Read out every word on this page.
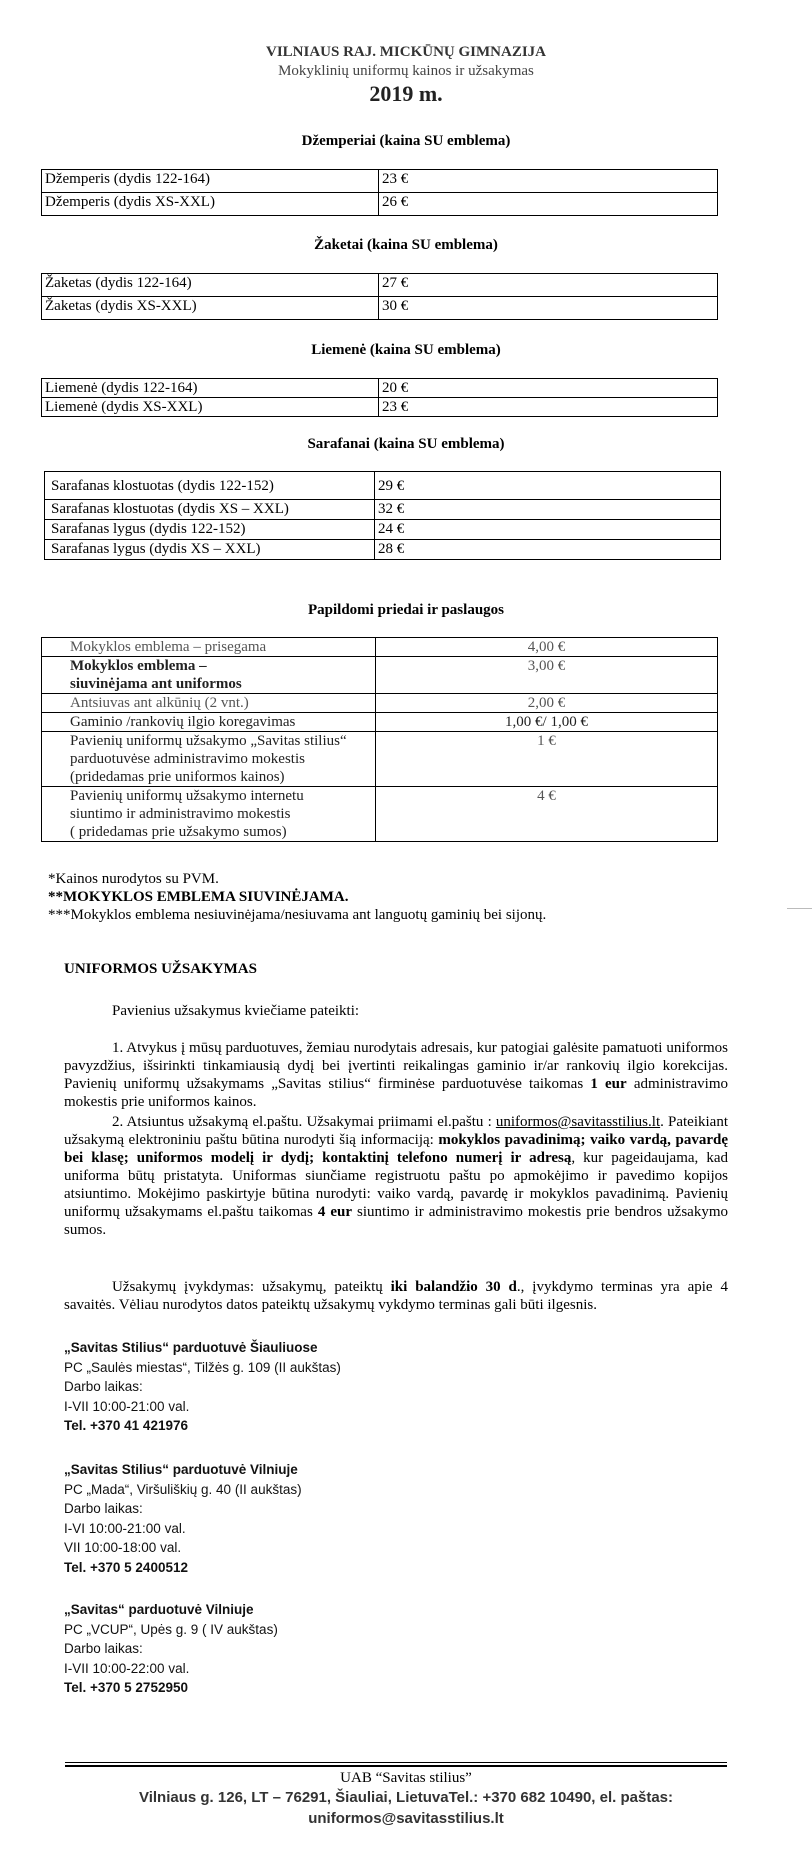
VILNIAUS RAJ. MICKŪNŲ GIMNAZIJA
Mokyklinių uniformų kainos ir užsakymas
2019 m.
Džemperiai (kaina SU emblema)
Džemperis (dydis 122-164)	23 €
Džemperis (dydis XS-XXL)	26 €
Žaketai (kaina SU emblema)
Žaketas (dydis 122-164)	27 €
Žaketas (dydis XS-XXL)	30 €
Liemenė (kaina SU emblema)
Liemenė (dydis 122-164)	20 €
Liemenė (dydis XS-XXL)	23 €
Sarafanai (kaina SU emblema)
Sarafanas klostuotas (dydis 122-152)	29 €
Sarafanas klostuotas (dydis XS – XXL)	32 €
Sarafanas lygus (dydis 122-152)	24 €
Sarafanas lygus (dydis XS – XXL)	28 €
Papildomi priedai ir paslaugos
Mokyklos emblema – prisegama	4,00 €

Mokyklos emblema –
siuvinėjama ant uniformos	3,00 €
Antsiuvas ant alkūnių (2 vnt.)	2,00 €
Gaminio /rankovių ilgio koregavimas	1,00 €/ 1,00 €

Pavienių uniformų užsakymo „Savitas stilius“
parduotuvėse administravimo mokestis
(pridedamas prie uniformos kainos)	1 €

Pavienių uniformų užsakymo internetu
siuntimo ir administravimo mokestis
( pridedamas prie užsakymo sumos)	4 €
*Kainos nurodytos su PVM.
**MOKYKLOS EMBLEMA SIUVINĖJAMA.
***Mokyklos emblema nesiuvinėjama/nesiuvama ant languotų gaminių bei sijonų.
UNIFORMOS UŽSAKYMAS
Pavienius užsakymus kviečiame pateikti:
1. Atvykus į mūsų parduotuves, žemiau nurodytais adresais, kur patogiai galėsite pamatuoti uniformos pavyzdžius, išsirinkti tinkamiausią dydį bei įvertinti reikalingas gaminio ir/ar rankovių ilgio korekcijas. Pavienių uniformų užsakymams „Savitas stilius“ firminėse parduotuvėse taikomas 1 eur administravimo mokestis prie uniformos kainos.
2. Atsiuntus užsakymą el.paštu. Užsakymai priimami el.paštu : uniformos@savitasstilius.lt. Pateikiant užsakymą elektroniniu paštu būtina nurodyti šią informaciją: mokyklos pavadinimą; vaiko vardą, pavardę bei klasę; uniformos modelį ir dydį; kontaktinį telefono numerį ir adresą, kur pageidaujama, kad uniforma būtų pristatyta. Uniformas siunčiame registruotu paštu po apmokėjimo ir pavedimo kopijos atsiuntimo. Mokėjimo paskirtyje būtina nurodyti: vaiko vardą, pavardę ir mokyklos pavadinimą. Pavienių uniformų užsakymams el.paštu taikomas 4 eur siuntimo ir administravimo mokestis prie bendros užsakymo sumos.
Užsakymų įvykdymas: užsakymų, pateiktų iki balandžio 30 d., įvykdymo terminas yra apie 4 savaitės. Vėliau nurodytos datos pateiktų užsakymų vykdymo terminas gali būti ilgesnis.
„Savitas Stilius“ parduotuvė Šiauliuose
PC „Saulės miestas“, Tilžės g. 109 (II aukštas)
Darbo laikas:
I-VII 10:00-21:00 val.
Tel. +370 41 421976
„Savitas Stilius“ parduotuvė Vilniuje
PC „Mada“, Viršuliškių g. 40 (II aukštas)
Darbo laikas:
I-VI 10:00-21:00 val.
VII 10:00-18:00 val.
Tel. +370 5 2400512
„Savitas“ parduotuvė Vilniuje
PC „VCUP“, Upės g. 9 ( IV aukštas)
Darbo laikas:
I-VII 10:00-22:00 val.
Tel. +370 5 2752950
UAB “Savitas stilius”
Vilniaus g. 126, LT – 76291, Šiauliai, LietuvaTel.: +370 682 10490, el. paštas:
uniformos@savitasstilius.lt
